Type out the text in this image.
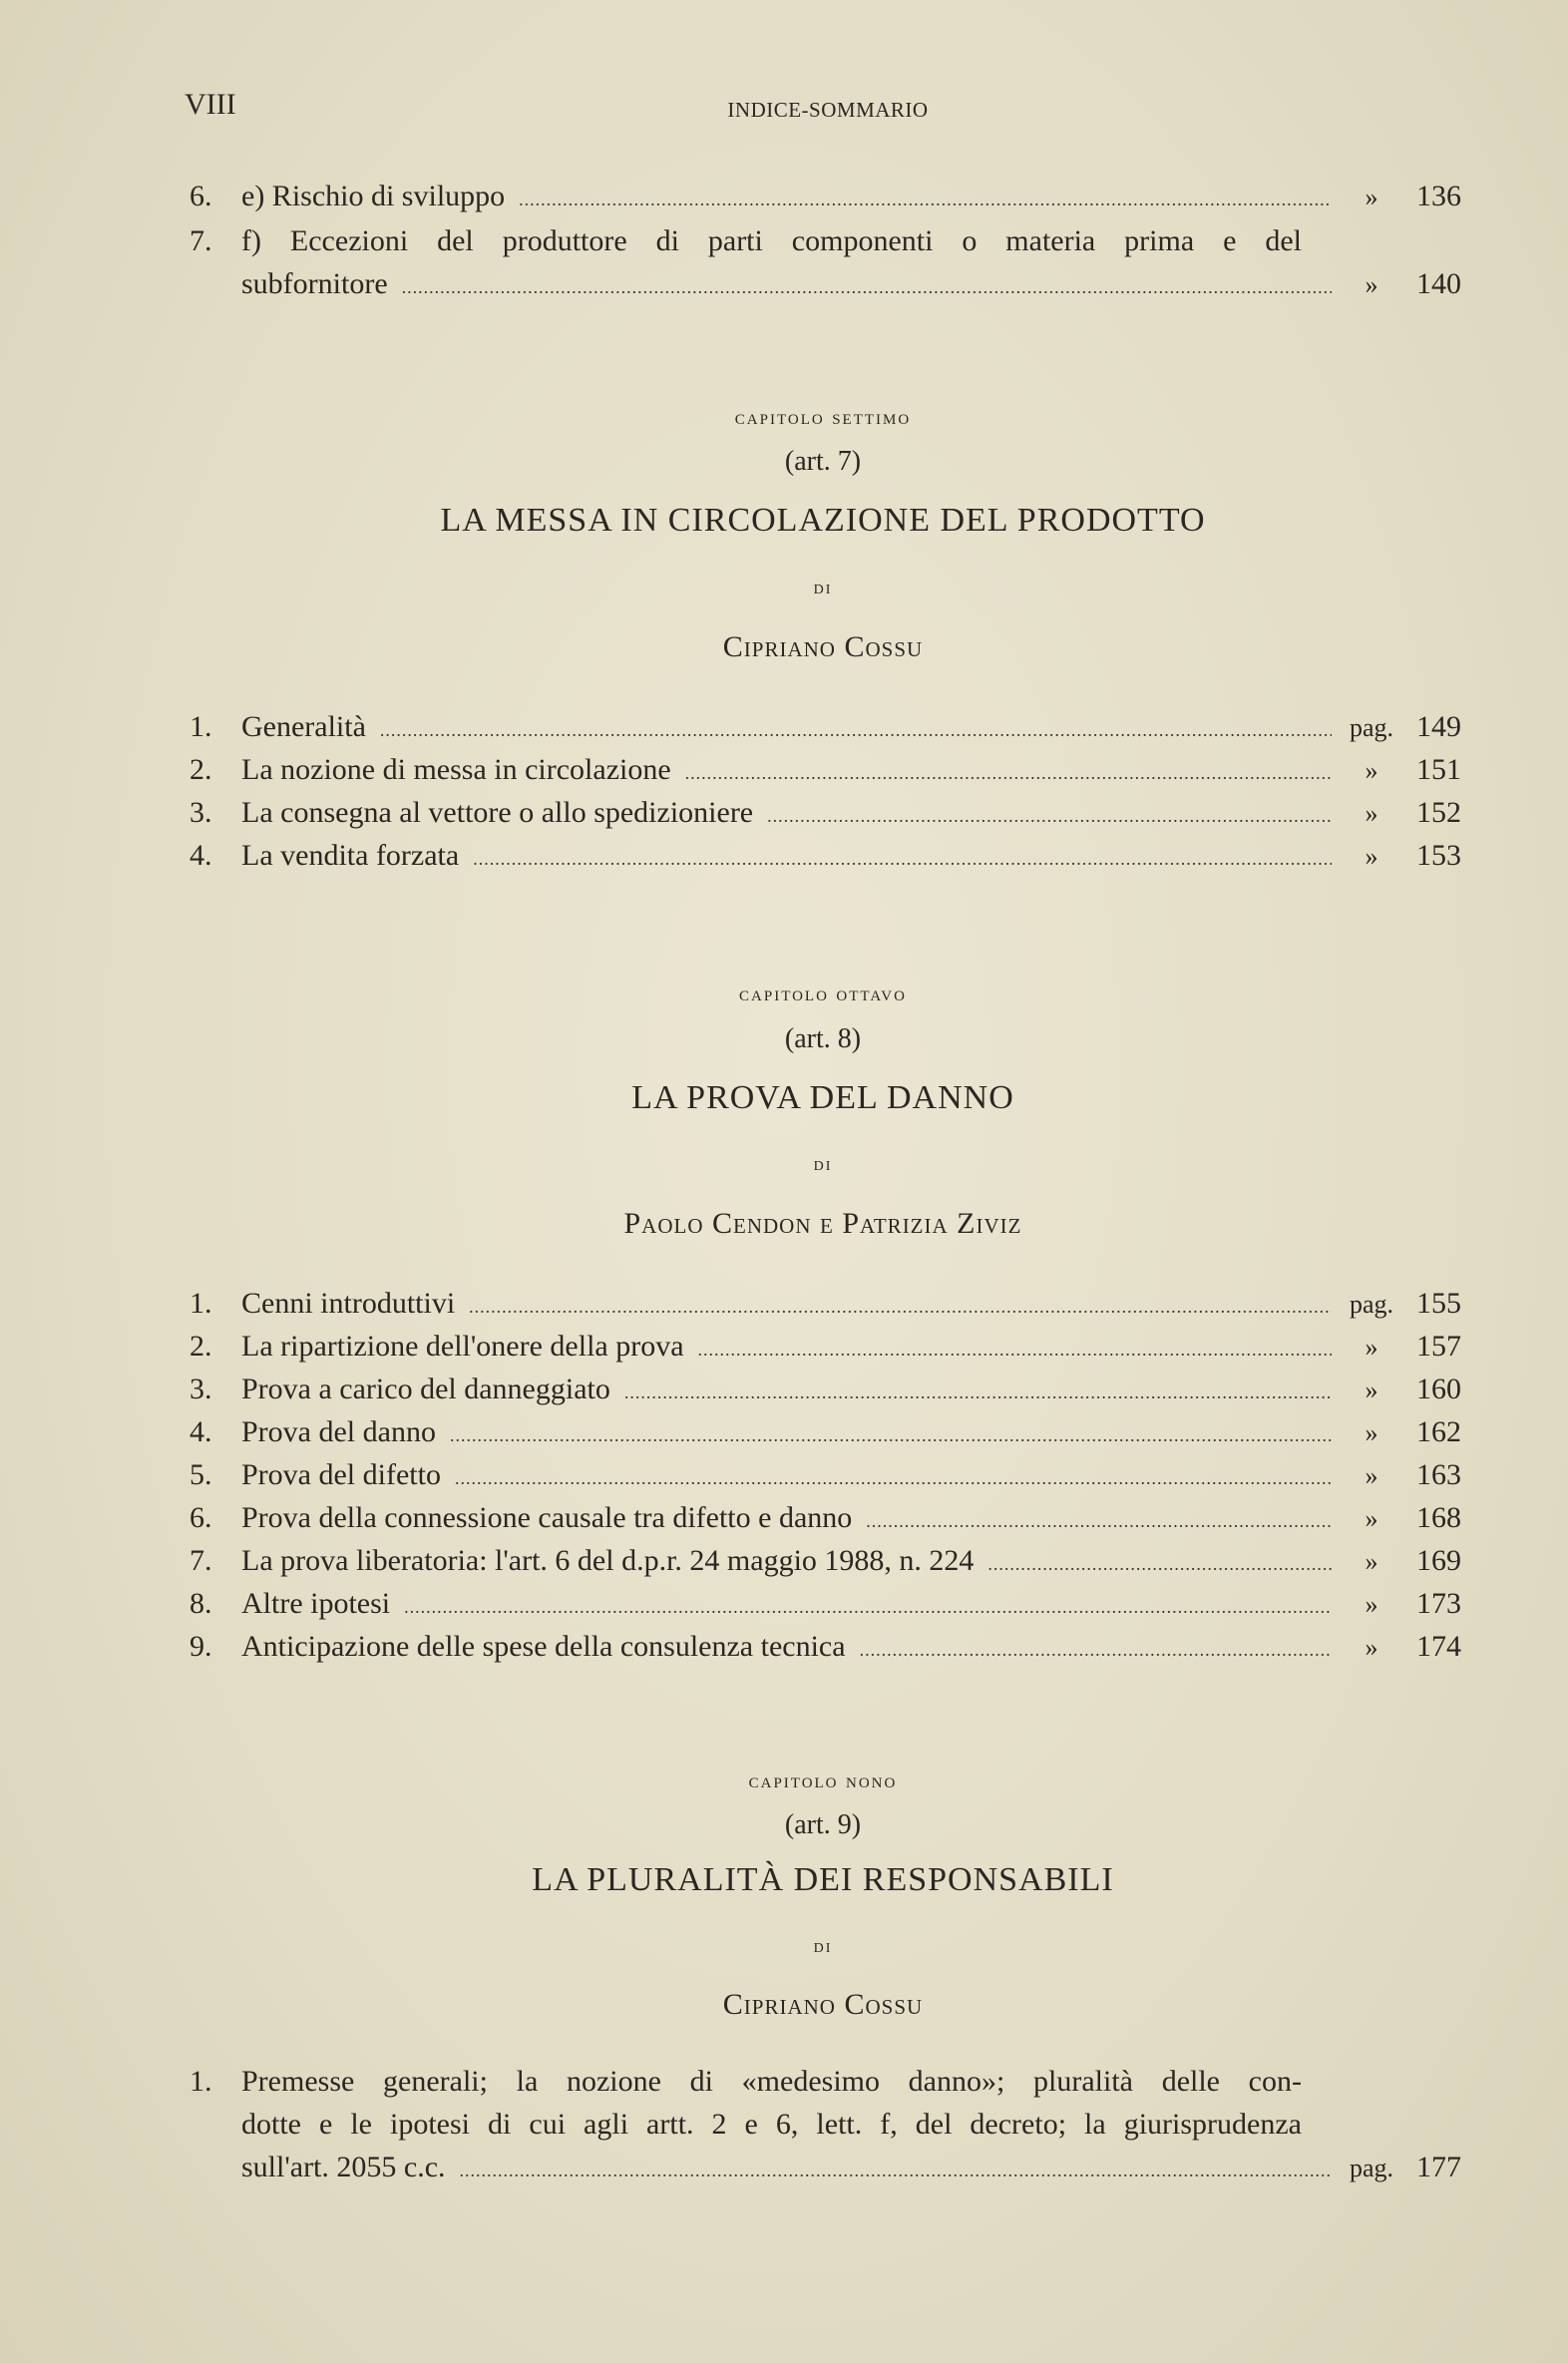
VIII	INDICE-SOMMARIO
6. e) Rischio di sviluppo .....	»	136
7. f) Eccezioni del produttore di parti componenti o materia prima e del
subfornitore .....	»	140
capitolo settimo
(art. 7)
LA MESSA IN CIRCOLAZIONE DEL PRODOTTO
di
Cipriano Cossu
1. Generalità .....	pag. 149
2. La nozione di messa in circolazione .....	»	151
3. La consegna al vettore o allo spedizioniere .....	»	152
4. La vendita forzata .....	»	153
capitolo ottavo
(art. 8)
LA PROVA DEL DANNO
di
Paolo Cendon e Patrizia Ziviz
1. Cenni introduttivi .....	pag. 155
2. La ripartizione dell'onere della prova .....	»	157
3. Prova a carico del danneggiato .....	»	160
4. Prova del danno .....	»	162
5. Prova del difetto .....	»	163
6. Prova della connessione causale tra difetto e danno .....	»	168
7. La prova liberatoria: l'art. 6 del d.p.r. 24 maggio 1988, n. 224 .....	»	169
8. Altre ipotesi .....	»	173
9. Anticipazione delle spese della consulenza tecnica .....	»	174
capitolo nono
(art. 9)
LA PLURALITÀ DEI RESPONSABILI
di
Cipriano Cossu
1. Premesse generali; la nozione di «medesimo danno»; pluralità delle con-
dotte e le ipotesi di cui agli artt. 2 e 6, lett. f, del decreto; la giurisprudenza
sull'art. 2055 c.c. .....	pag. 177
